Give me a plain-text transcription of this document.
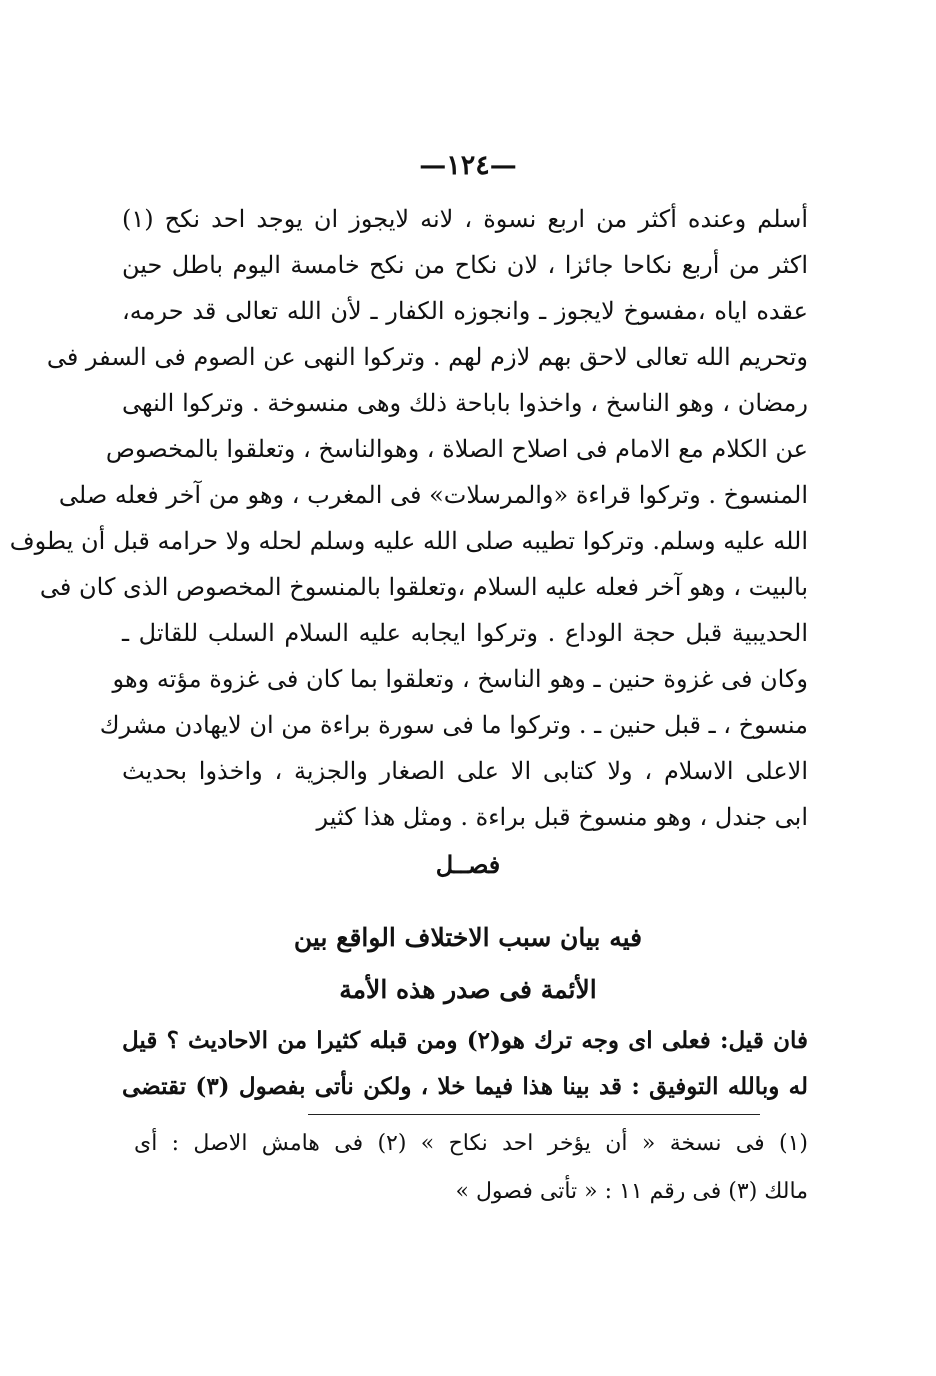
—١٢٤—
أسلم وعنده أكثر من اربع نسوة ، لانه لايجوز ان يوجد احد نكح (١)
اكثر من أربع نكاحا جائزا ، لان نكاح من نكح خامسة اليوم باطل حين
عقده اياه ،مفسوخ لايجوز ـ وانجوزه الكفار ـ لأن الله تعالى قد حرمه،
وتحريم الله تعالى لاحق بهم لازم لهم . وتركوا النهى عن الصوم فى السفر فى
رمضان ، وهو الناسخ ، واخذوا باباحة ذلك وهى منسوخة . وتركوا النهى
عن الكلام مع الامام فى اصلاح الصلاة ، وهوالناسخ ، وتعلقوا بالمخصوص
المنسوخ . وتركوا قراءة «والمرسلات» فى المغرب ، وهو من آخر فعله صلى
الله عليه وسلم. وتركوا تطيبه صلى الله عليه وسلم لحله ولا حرامه قبل أن يطوف
بالبيت ، وهو آخر فعله عليه السلام ،وتعلقوا بالمنسوخ المخصوص الذى كان فى
الحديبية قبل حجة الوداع . وتركوا ايجابه عليه السلام السلب للقاتل ـ
وكان فى غزوة حنين ـ وهو الناسخ ، وتعلقوا بما كان فى غزوة مؤته وهو
منسوخ ، ـ قبل حنين ـ . وتركوا ما فى سورة براءة من ان لايهادن مشرك
الاعلى الاسلام ، ولا كتابى الا على الصغار والجزية ، واخذوا بحديث
ابى جندل ، وهو منسوخ قبل براءة . ومثل هذا كثير
فصــل
فيه بيان سبب الاختلاف الواقع بين
الأئمة فى صدر هذه الأمة
فان قيل: فعلى اى وجه ترك هو(٢) ومن قبله كثيرا من الاحاديث ؟ قيل
له وبالله التوفيق : قد بينا هذا فيما خلا ، ولكن نأتى بفصول (٣) تقتضى
(١) فى نسخة « أن يؤخر احد نكاح » (٢) فى هامش الاصل : أى
مالك (٣) فى رقم ١١ : « تأتى فصول »
